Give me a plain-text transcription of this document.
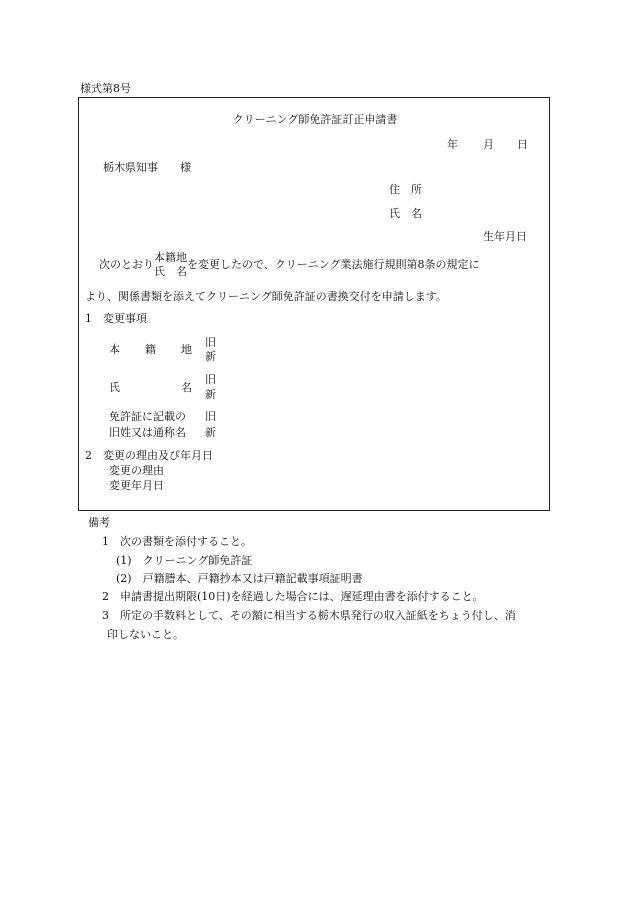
様式第8号
クリーニング師免許証訂正申請書
年 月 日
栃木県知事　　様
住　所
氏　名
生年月日
次のとおり
本籍地
氏　名
を変更したので、クリーニング業法施行規則第8条の規定に
より、関係書類を添えてクリーニング師免許証の書換交付を申請します。
1　変更事項
本 籍 地
旧
新
氏	名
旧
新
免許証に記載の
旧姓又は通称名
旧
新
2　変更の理由及び年月日
変更の理由
変更年月日
備考
1　次の書類を添付すること。
(1)　クリーニング師免許証
(2)　戸籍謄本、戸籍抄本又は戸籍記載事項証明書
2　申請書提出期限(10日)を経過した場合には、遅延理由書を添付すること。
3　所定の手数料として、その額に相当する栃木県発行の収入証紙をちょう付し、消
印しないこと。
